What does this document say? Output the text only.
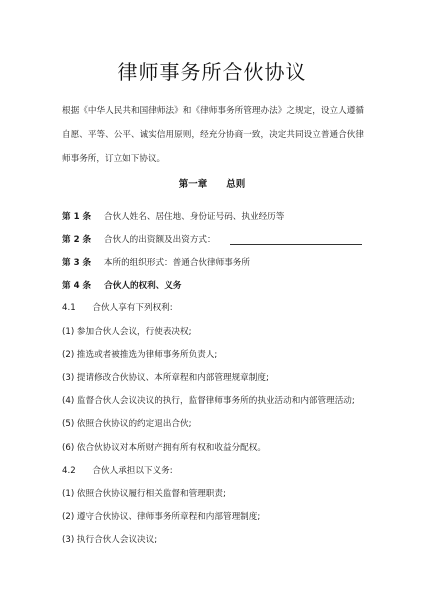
律师事务所合伙协议
根据《中华人民共和国律师法》和《律师事务所管理办法》之规定，设立人遵循自愿、平等、公平、诚实信用原则，经充分协商一致，决定共同设立普通合伙律师事务所，订立如下协议。
第一章　　总则
第 1 条 合伙人姓名、居住地、身份证号码、执业经历等
第 2 条 合伙人的出资额及出资方式：
第 3 条 本所的组织形式：普通合伙律师事务所
第 4 条 合伙人的权利、义务
4.1 合伙人享有下列权利:
(1) 参加合伙人会议，行使表决权;
(2) 推选或者被推选为律师事务所负责人;
(3) 提请修改合伙协议、本所章程和内部管理规章制度;
(4) 监督合伙人会议决议的执行，监督律师事务所的执业活动和内部管理活动;
(5) 依照合伙协议的约定退出合伙;
(6) 依合伙协议对本所财产拥有所有权和收益分配权。
4.2 合伙人承担以下义务:
(1) 依照合伙协议履行相关监督和管理职责;
(2) 遵守合伙协议、律师事务所章程和内部管理制度;
(3) 执行合伙人会议决议;
